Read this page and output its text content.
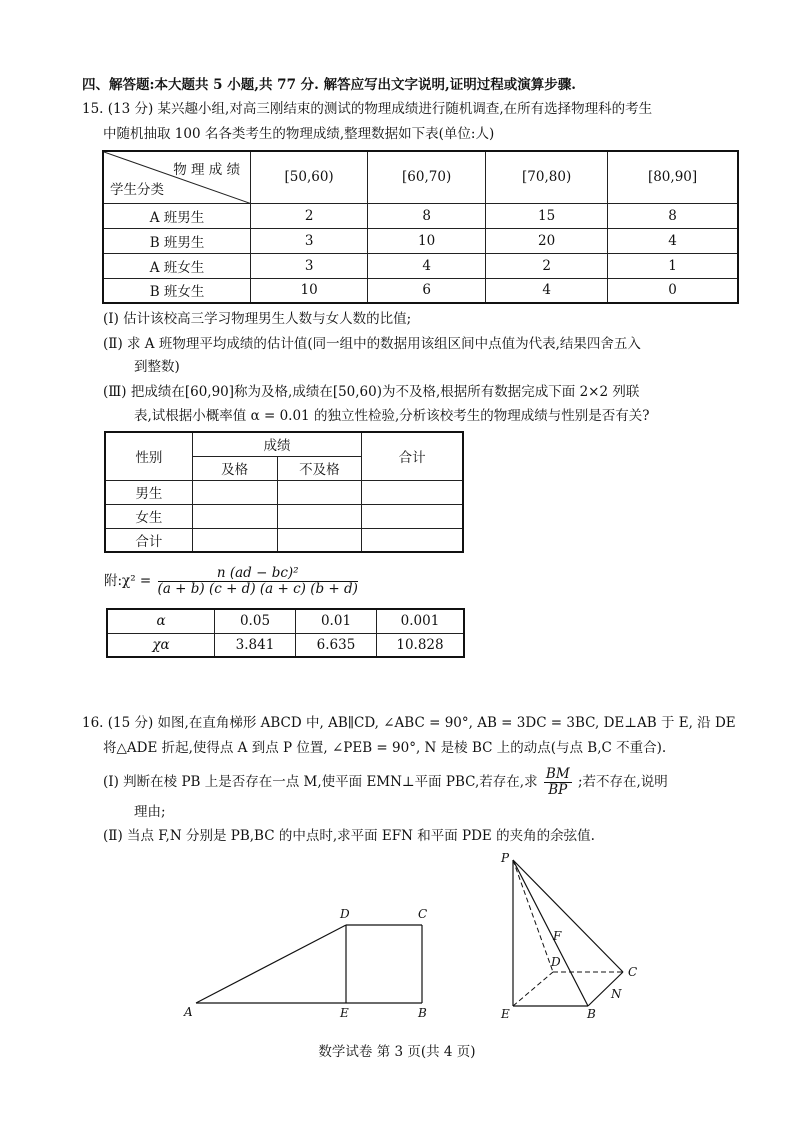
四、解答题:本大题共 5 小题,共 77 分. 解答应写出文字说明,证明过程或演算步骤.
15. (13 分) 某兴趣小组,对高三刚结束的测试的物理成绩进行随机调查,在所有选择物理科的考生
中随机抽取 100 名各类考生的物理成绩,整理数据如下表(单位:人)
物 理 成 绩
学生分类	[50,60)	[60,70)	[70,80)	[80,90]
A 班男生	2	8	15	8
B 班男生	3	10	20	4
A 班女生	3	4	2	1
B 班女生	10	6	4	0
(Ⅰ) 估计该校高三学习物理男生人数与女人数的比值;
(Ⅱ) 求 A 班物理平均成绩的估计值(同一组中的数据用该组区间中点值为代表,结果四舍五入
到整数)
(Ⅲ) 把成绩在[60,90]称为及格,成绩在[50,60)为不及格,根据所有数据完成下面 2×2 列联
表,试根据小概率值 α = 0.01 的独立性检验,分析该校考生的物理成绩与性别是否有关?
性别	成绩		合计
	及格	不及格	
男生			
女生			
合计			
附:χ² = $\frac{\text{n (ad − bc)²}}{(a + b) (c + d) (a + c) (b + d)}$
α	0.05	0.01	0.001
χα	3.841	6.635	10.828
16. (15 分) 如图,在直角梯形 ABCD 中, AB∥CD, ∠ABC = 90°, AB = 3DC = 3BC, DE⊥AB 于 E, 沿 DE
将△ADE 折起,使得点 A 到点 P 位置, ∠PEB = 90°, N 是棱 BC 上的动点(与点 B,C 不重合).
(Ⅰ) 判断在棱 PB 上是否存在一点 M,使平面 EMN⊥平面 PBC,若存在,求 $\frac{BM}{BP}$ ;若不存在,说明
理由;
(Ⅱ) 当点 F,N 分别是 PB,BC 的中点时,求平面 EFN 和平面 PDE 的夹角的余弦值.
A	E	B
D	C
P
F
D
C
N
E	B
数学试卷 第 3 页(共 4 页)
